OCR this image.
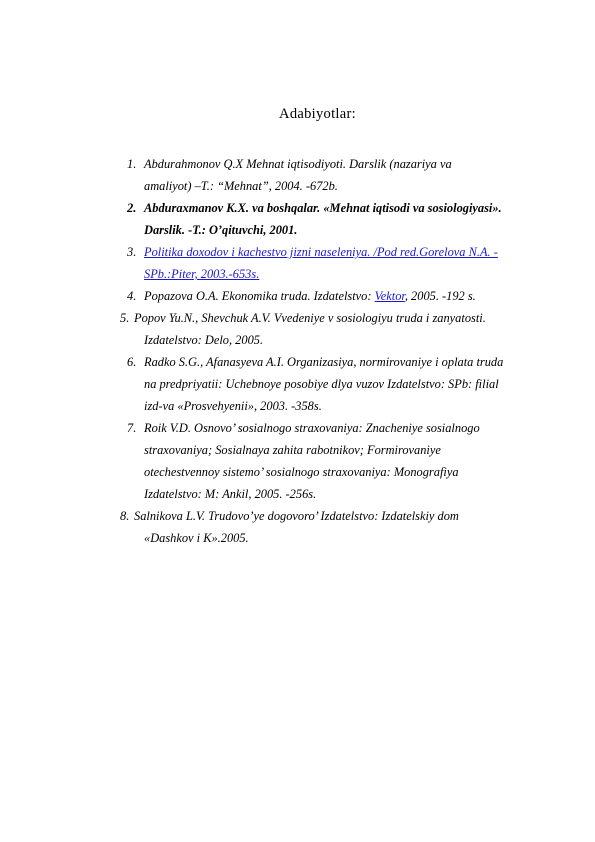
Adabiyotlar:
1. Abdurahmonov Q.X Mehnat iqtisodiyoti. Darslik (nazariya va
amaliyot) –T.: “Mehnat”, 2004. -672b.
2. Abduraxmanov K.X. va boshqalar. «Mehnat iqtisodi va sosiologiyasi».
Darslik. -T.: O’qituvchi, 2001.
3. Politika doxodov i kachestvo jizni naseleniya. /Pod red.Gorelova N.A. -
SPb.:Piter, 2003.-653s.
4. Popazova O.A. Ekonomika truda. Izdatelstvo: Vektor, 2005. -192 s.
5. Popov Yu.N., Shevchuk A.V. Vvedeniye v sosiologiyu truda i zanyatosti.
Izdatelstvo: Delo, 2005.
6. Radko S.G., Afanasyeva A.I. Organizasiya, normirovaniye i oplata truda
na predpriyatii: Uchebnoye posobiye dlya vuzov Izdatelstvo: SPb: filial
izd-va «Prosvehyenii», 2003. -358s.
7. Roik V.D. Osnovo’ sosialnogo straxovaniya: Znacheniye sosialnogo
straxovaniya; Sosialnaya zahita rabotnikov; Formirovaniye
otechestvennoy sistemo’ sosialnogo straxovaniya: Monografiya
Izdatelstvo: M: Ankil, 2005. -256s.
8. Salnikova L.V. Trudovo’ye dogovoro’ Izdatelstvo: Izdatelskiy dom
«Dashkov i K».2005.
